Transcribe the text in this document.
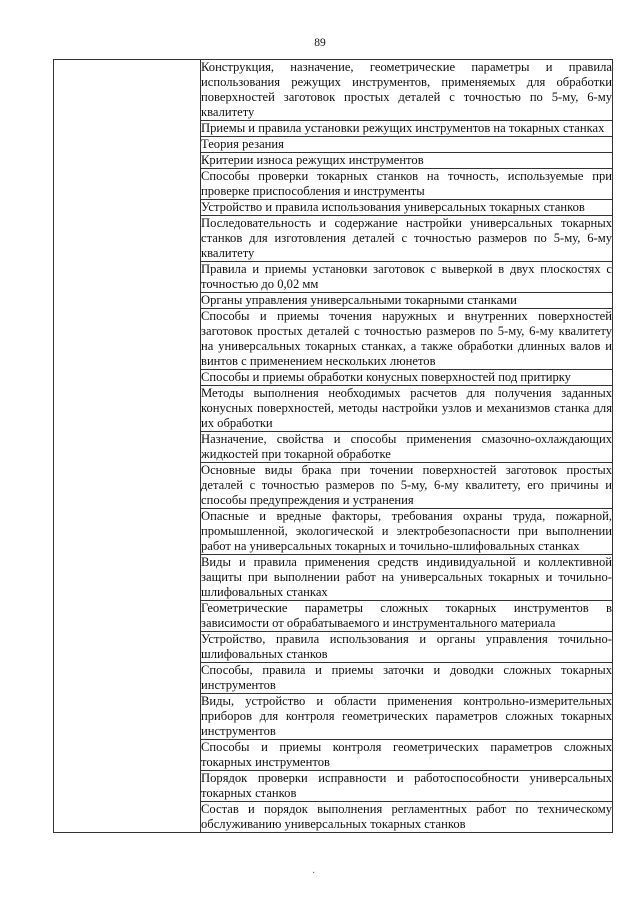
89
	Конструкция, назначение, геометрические параметры и правила использования режущих инструментов, применяемых для обработки поверхностей заготовок простых деталей с точностью по 5-му, 6-му квалитету
Приемы и правила установки режущих инструментов на токарных станках
Теория резания
Критерии износа режущих инструментов
Способы проверки токарных станков на точность, используемые при проверке приспособления и инструменты
Устройство и правила использования универсальных токарных станков
Последовательность и содержание настройки универсальных токарных станков для изготовления деталей с точностью размеров по 5-му, 6-му квалитету
Правила и приемы установки заготовок с выверкой в двух плоскостях с точностью до 0,02 мм
Органы управления универсальными токарными станками
Способы и приемы точения наружных и внутренних поверхностей заготовок простых деталей с точностью размеров по 5-му, 6-му квалитету на универсальных токарных станках, а также обработки длинных валов и винтов с применением нескольких люнетов
Способы и приемы обработки конусных поверхностей под притирку
Методы выполнения необходимых расчетов для получения заданных конусных поверхностей, методы настройки узлов и механизмов станка для их обработки
Назначение, свойства и способы применения смазочно-охлаждающих жидкостей при токарной обработке
Основные виды брака при точении поверхностей заготовок простых деталей с точностью размеров по 5-му, 6-му квалитету, его причины и способы предупреждения и устранения
Опасные и вредные факторы, требования охраны труда, пожарной, промышленной, экологической и электробезопасности при выполнении работ на универсальных токарных и точильно-шлифовальных станках
Виды и правила применения средств индивидуальной и коллективной защиты при выполнении работ на универсальных токарных и точильно-шлифовальных станках
Геометрические параметры сложных токарных инструментов в зависимости от обрабатываемого и инструментального материала
Устройство, правила использования и органы управления точильно-шлифовальных станков
Способы, правила и приемы заточки и доводки сложных токарных инструментов
Виды, устройство и области применения контрольно-измерительных приборов для контроля геометрических параметров сложных токарных инструментов
Способы и приемы контроля геометрических параметров сложных токарных инструментов
Порядок проверки исправности и работоспособности универсальных токарных станков
Состав и порядок выполнения регламентных работ по техническому обслуживанию универсальных токарных станков
·
